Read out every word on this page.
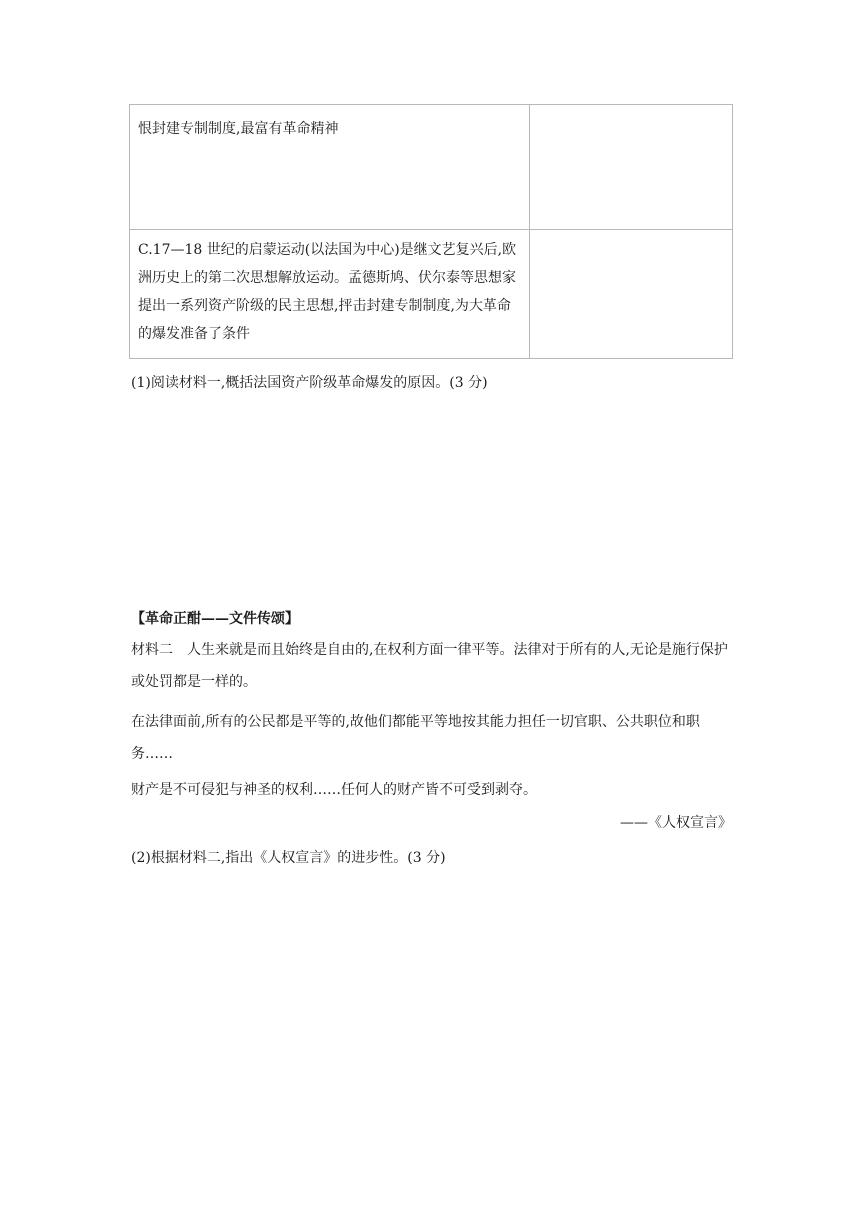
恨封建专制制度,最富有革命精神	
C.17—18 世纪的启蒙运动(以法国为中心)是继文艺复兴后,欧洲历史上的第二次思想解放运动。孟德斯鸠、伏尔泰等思想家提出一系列资产阶级的民主思想,抨击封建专制制度,为大革命的爆发准备了条件	
(1)阅读材料一,概括法国资产阶级革命爆发的原因。(3 分)
【革命正酣——文件传颂】
材料二　人生来就是而且始终是自由的,在权利方面一律平等。法律对于所有的人,无论是施行保护或处罚都是一样的。
在法律面前,所有的公民都是平等的,故他们都能平等地按其能力担任一切官职、公共职位和职务……
财产是不可侵犯与神圣的权利……任何人的财产皆不可受到剥夺。
——《人权宣言》
(2)根据材料二,指出《人权宣言》的进步性。(3 分)
